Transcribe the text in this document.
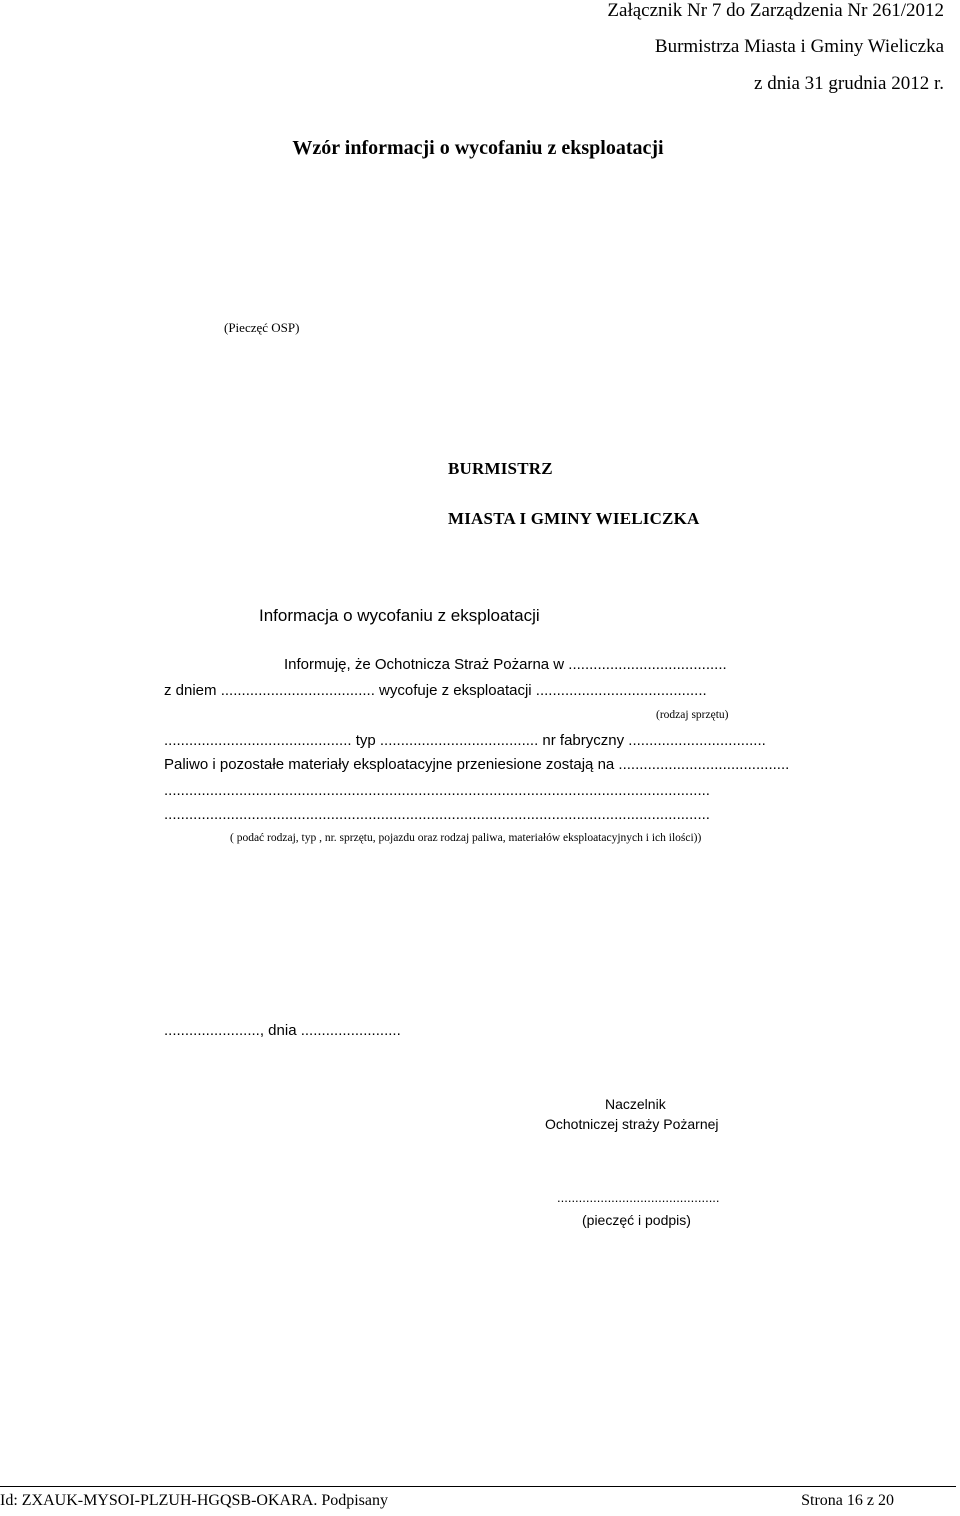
Załącznik Nr 7 do Zarządzenia Nr 261/2012
Burmistrza Miasta i Gminy Wieliczka
z dnia 31 grudnia 2012 r.
Wzór informacji o wycofaniu z eksploatacji
(Pieczęć OSP)
BURMISTRZ
MIASTA I GMINY WIELICZKA
Informacja o wycofaniu z eksploatacji
Informuję, że Ochotnicza Straż Pożarna w ......................................
z dniem ..................................... wycofuje z eksploatacji .........................................
(rodzaj sprzętu)
............................................. typ ...................................... nr fabryczny .................................
Paliwo i pozostałe materiały eksploatacyjne przeniesione zostają na .........................................
...................................................................................................................................
...................................................................................................................................
( podać rodzaj, typ , nr. sprzętu, pojazdu oraz rodzaj paliwa, materiałów eksploatacyjnych i ich ilości))
......................., dnia ........................
Naczelnik
Ochotniczej straży Pożarnej
.............................................
(pieczęć i podpis)
Id: ZXAUK-MYSOI-PLZUH-HGQSB-OKARA. Podpisany	Strona 16 z 20
